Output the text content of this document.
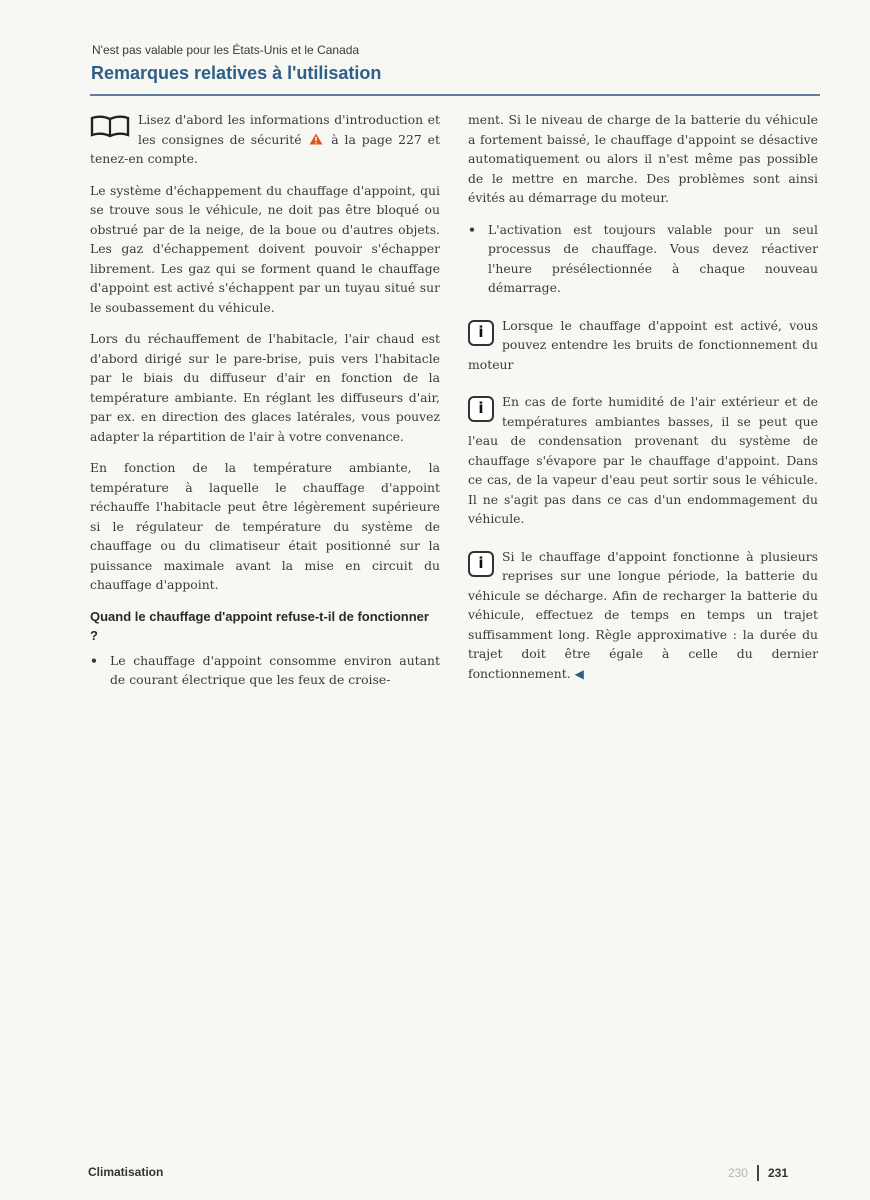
N'est pas valable pour les États-Unis et le Canada
Remarques relatives à l'utilisation
Lisez d'abord les informations d'introduction et les consignes de sécurité à la page 227 et tenez-en compte.

Le système d'échappement du chauffage d'appoint, qui se trouve sous le véhicule, ne doit pas être bloqué ou obstrué par de la neige, de la boue ou d'autres objets. Les gaz d'échappement doivent pouvoir s'échapper librement. Les gaz qui se forment quand le chauffage d'appoint est activé s'échappent par un tuyau situé sur le soubassement du véhicule.

Lors du réchauffement de l'habitacle, l'air chaud est d'abord dirigé sur le pare-brise, puis vers l'habitacle par le biais du diffuseur d'air en fonction de la température ambiante. En réglant les diffuseurs d'air, par ex. en direction des glaces latérales, vous pouvez adapter la répartition de l'air à votre convenance.

En fonction de la température ambiante, la température à laquelle le chauffage d'appoint réchauffe l'habitacle peut être légèrement supérieure si le régulateur de température du système de chauffage ou du climatiseur était positionné sur la puissance maximale avant la mise en circuit du chauffage d'appoint.

Quand le chauffage d'appoint refuse-t-il de fonctionner ?
• Le chauffage d'appoint consomme environ autant de courant électrique que les feux de croise-

ment. Si le niveau de charge de la batterie du véhicule a fortement baissé, le chauffage d'appoint se désactive automatiquement ou alors il n'est même pas possible de le mettre en marche. Des problèmes sont ainsi évités au démarrage du moteur.

• L'activation est toujours valable pour un seul processus de chauffage. Vous devez réactiver l'heure présélectionnée à chaque nouveau démarrage.
i	Lorsque le chauffage d'appoint est activé, vous pouvez entendre les bruits de fonctionnement du moteur
i	En cas de forte humidité de l'air extérieur et de températures ambiantes basses, il se peut que l'eau de condensation provenant du système de chauffage s'évapore par le chauffage d'appoint. Dans ce cas, de la vapeur d'eau peut sortir sous le véhicule. Il ne s'agit pas dans ce cas d'un endommagement du véhicule.
i	Si le chauffage d'appoint fonctionne à plusieurs reprises sur une longue période, la batterie du véhicule se décharge. Afin de recharger la batterie du véhicule, effectuez de temps en temps un trajet suffisamment long. Règle approximative : la durée du trajet doit être égale à celle du dernier fonctionnement. ◀
Climatisation	230 231
